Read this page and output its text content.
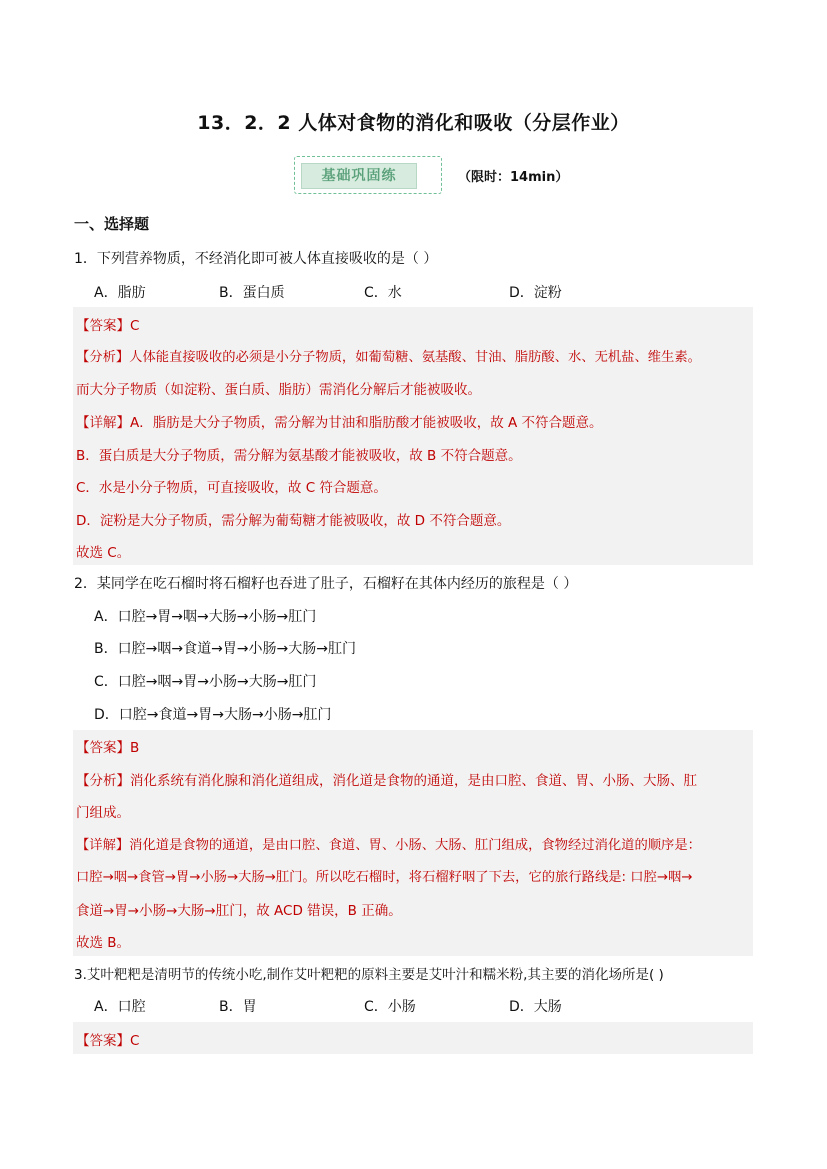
13．2．2 人体对食物的消化和吸收（分层作业）
基础巩固练	（限时：14min）
一、选择题
1．下列营养物质，不经消化即可被人体直接吸收的是（ ）
A．脂肪	B．蛋白质	C．水	D．淀粉
【答案】C
【分析】人体能直接吸收的必须是小分子物质，如葡萄糖、氨基酸、甘油、脂肪酸、水、无机盐、维生素。
而大分子物质（如淀粉、蛋白质、脂肪）需消化分解后才能被吸收。
【详解】A．脂肪是大分子物质，需分解为甘油和脂肪酸才能被吸收，故 A 不符合题意。
B．蛋白质是大分子物质，需分解为氨基酸才能被吸收，故 B 不符合题意。
C．水是小分子物质，可直接吸收，故 C 符合题意。
D．淀粉是大分子物质，需分解为葡萄糖才能被吸收，故 D 不符合题意。
故选 C。
2．某同学在吃石榴时将石榴籽也吞进了肚子，石榴籽在其体内经历的旅程是（ ）
A．口腔→胃→咽→大肠→小肠→肛门
B．口腔→咽→食道→胃→小肠→大肠→肛门
C．口腔→咽→胃→小肠→大肠→肛门
D．口腔→食道→胃→大肠→小肠→肛门
【答案】B
【分析】消化系统有消化腺和消化道组成，消化道是食物的通道，是由口腔、食道、胃、小肠、大肠、肛
门组成。
【详解】消化道是食物的通道，是由口腔、食道、胃、小肠、大肠、肛门组成，食物经过消化道的顺序是：
口腔→咽→食管→胃→小肠→大肠→肛门。所以吃石榴时，将石榴籽咽了下去，它的旅行路线是: 口腔→咽→
食道→胃→小肠→大肠→肛门，故 ACD 错误，B 正确。
故选 B。
3.艾叶粑粑是清明节的传统小吃,制作艾叶粑粑的原料主要是艾叶汁和糯米粉,其主要的消化场所是( )
A．口腔	B．胃	C．小肠	D．大肠
【答案】C
